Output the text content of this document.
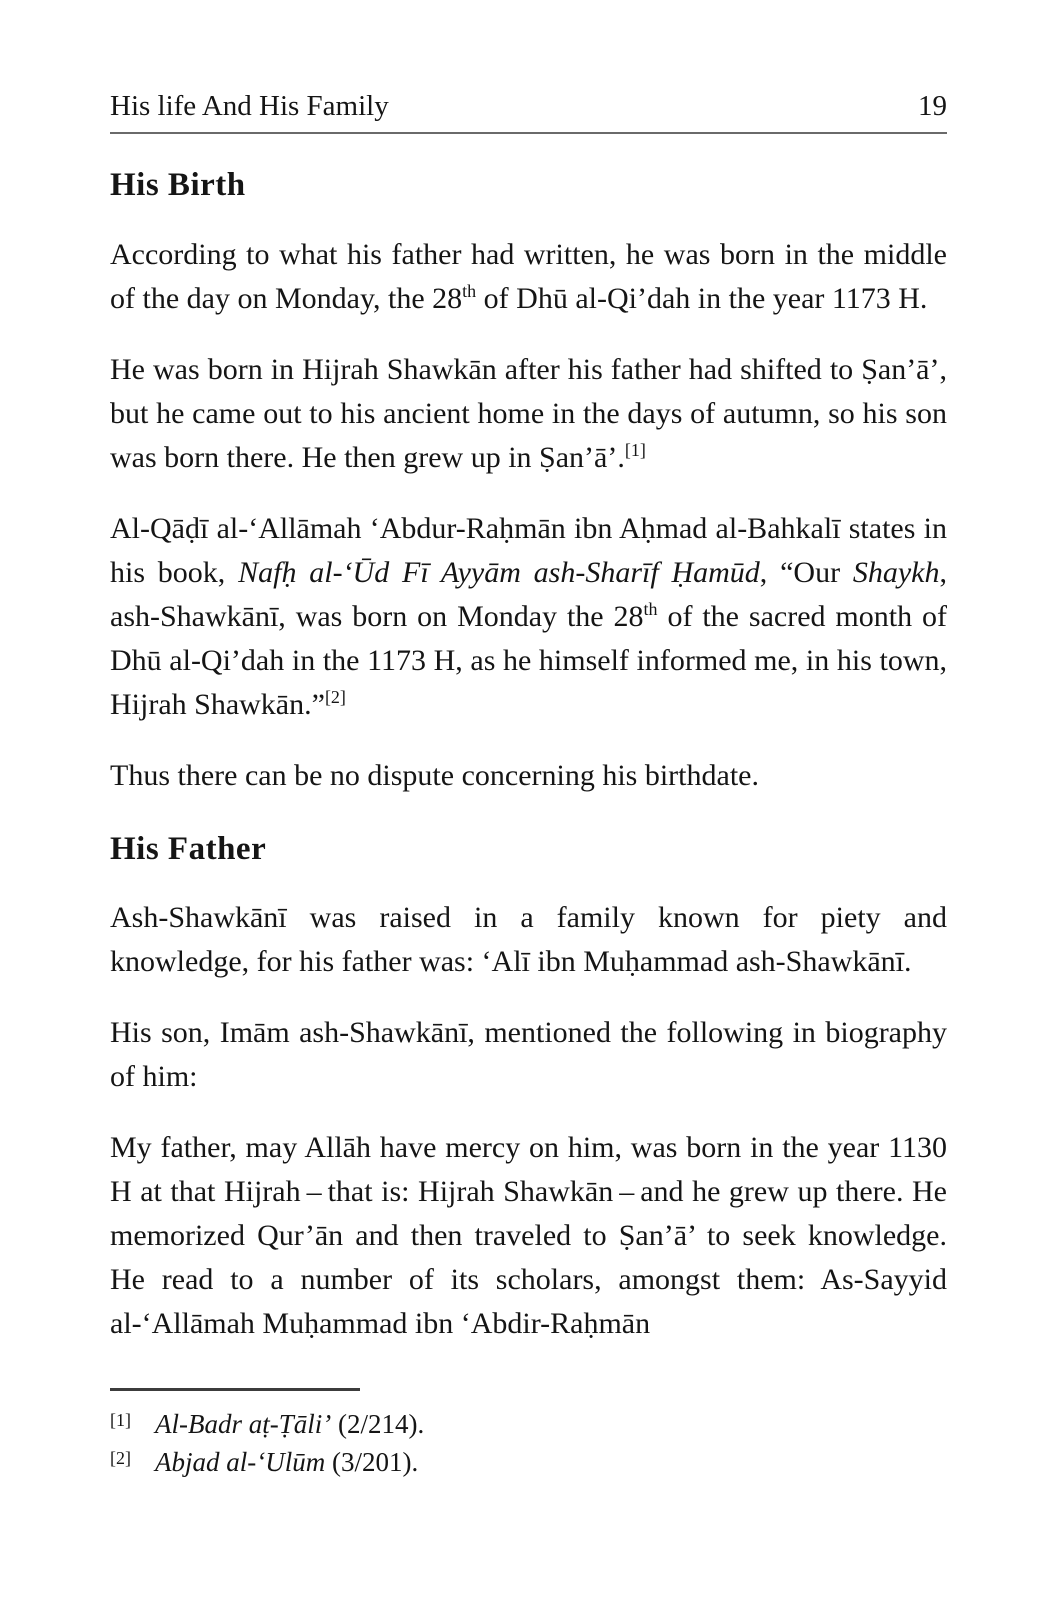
His life And His Family	19
His Birth

According to what his father had written, he was born in the middle of the day on Monday, the 28th of Dhū al-Qi’dah in the year 1173 H.

He was born in Hijrah Shawkān after his father had shifted to Ṣan’ā’, but he came out to his ancient home in the days of autumn, so his son was born there. He then grew up in Ṣan’ā’.[1]

Al-Qāḍī al-‘Allāmah ‘Abdur-Raḥmān ibn Aḥmad al-Bahkalī states in his book, Nafḥ al-‘Ūd Fī Ayyām ash-Sharīf Ḥamūd, “Our Shaykh, ash-Shawkānī, was born on Monday the 28th of the sacred month of Dhū al-Qi’dah in the 1173 H, as he himself informed me, in his town, Hijrah Shawkān.”[2]

Thus there can be no dispute concerning his birthdate.

His Father

Ash-Shawkānī was raised in a family known for piety and knowledge, for his father was: ‘Alī ibn Muḥammad ash-Shawkānī.

His son, Imām ash-Shawkānī, mentioned the following in biography of him:

My father, may Allāh have mercy on him, was born in the year 1130 H at that Hijrah – that is: Hijrah Shawkān – and he grew up there. He memorized Qur’ān and then traveled to Ṣan’ā’ to seek knowledge. He read to a number of its scholars, amongst them: As-Sayyid al-‘Allāmah Muḥammad ibn ‘Abdir-Raḥmān

[1] Al-Badr aṭ-Ṭāli’ (2/214).
[2] Abjad al-‘Ulūm (3/201).
